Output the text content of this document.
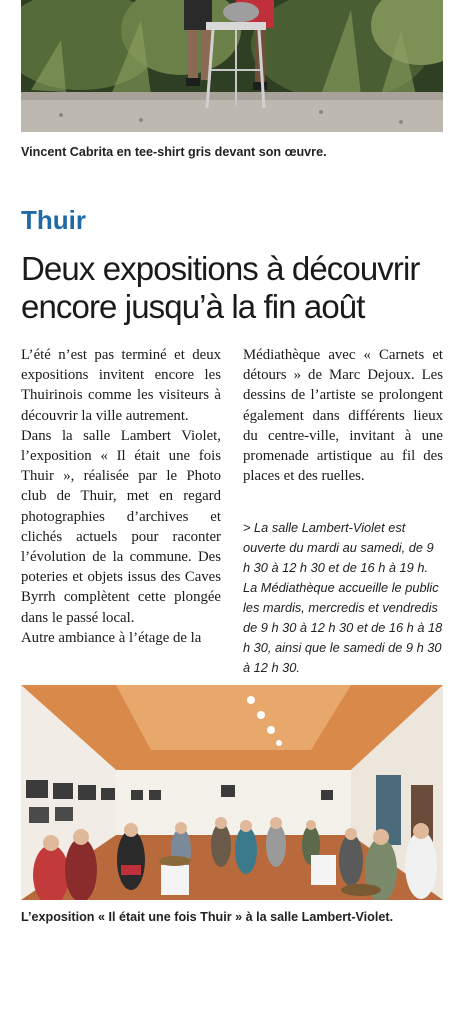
Vincent Cabrita en tee-shirt gris devant son œuvre.
Thuir
Deux expositions à découvrir
encore jusqu’à la fin août

L’été n’est pas terminé et deux expositions invitent encore les Thuirinois comme les visiteurs à découvrir la ville autrement.

Dans la salle Lambert Violet, l’exposition « Il était une fois Thuir », réalisée par le Photo club de Thuir, met en regard photographies d’archives et clichés actuels pour raconter l’évolution de la commune. Des poteries et objets issus des Caves Byrrh complètent cette plongée dans le passé local.

Autre ambiance à l’étage de la

Médiathèque avec « Carnets et détours » de Marc Dejoux. Les dessins de l’artiste se prolongent également dans différents lieux du centre-ville, invitant à une promenade artistique au fil des places et des ruelles.

> La salle Lambert-Violet est ouverte du mardi au samedi, de 9 h 30 à 12 h 30 et de 16 h à 19 h. La Médiathèque accueille le public les mardis, mercredis et vendredis de 9 h 30 à 12 h 30 et de 16 h à 18 h 30, ainsi que le samedi de 9 h 30 à 12 h 30.

L’exposition « Il était une fois Thuir » à la salle Lambert-Violet.
